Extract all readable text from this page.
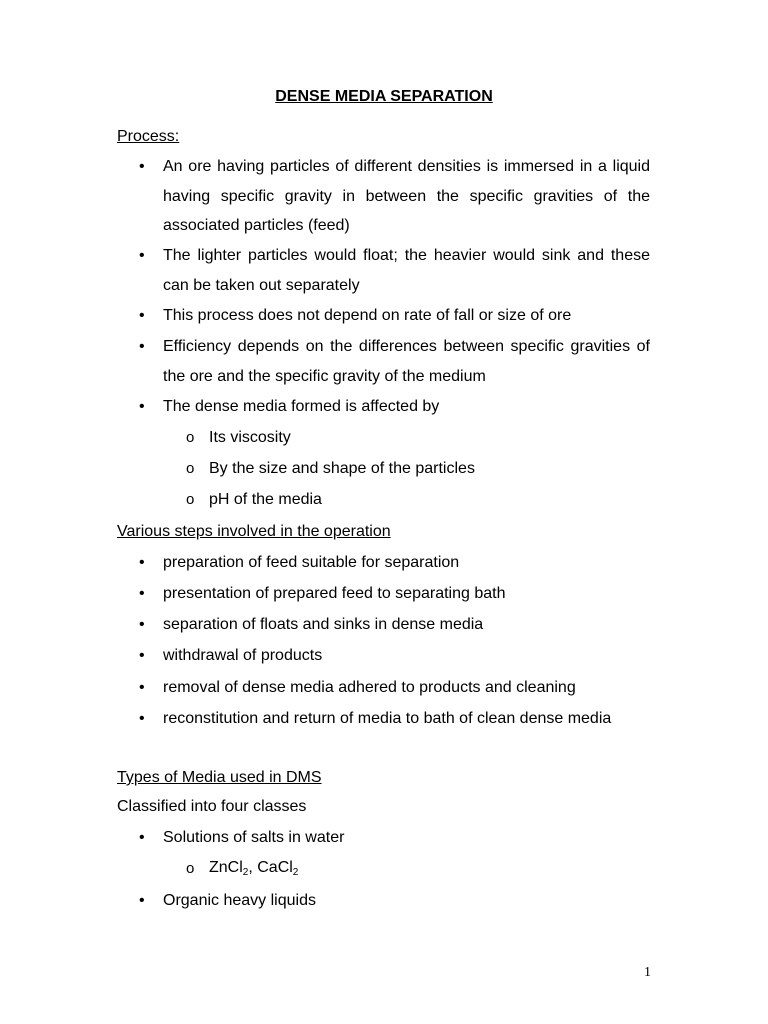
DENSE MEDIA SEPARATION
Process:
• An ore having particles of different densities is immersed in a liquid having specific gravity in between the specific gravities of the associated particles (feed)

• The lighter particles would float; the heavier would sink and these can be taken out separately

• This process does not depend on rate of fall or size of ore
• Efficiency depends on the differences between specific gravities of the ore and the specific gravity of the medium

• The dense media formed is affected by
o Its viscosity
o By the size and shape of the particles
o pH of the media
Various steps involved in the operation
• preparation of feed suitable for separation
• presentation of prepared feed to separating bath
• separation of floats and sinks in dense media
• withdrawal of products
• removal of dense media adhered to products and cleaning
• reconstitution and return of media to bath of clean dense media

Types of Media used in DMS
Classified into four classes
• Solutions of salts in water
o ZnCl$_2$, CaCl$_2$
• Organic heavy liquids
1
